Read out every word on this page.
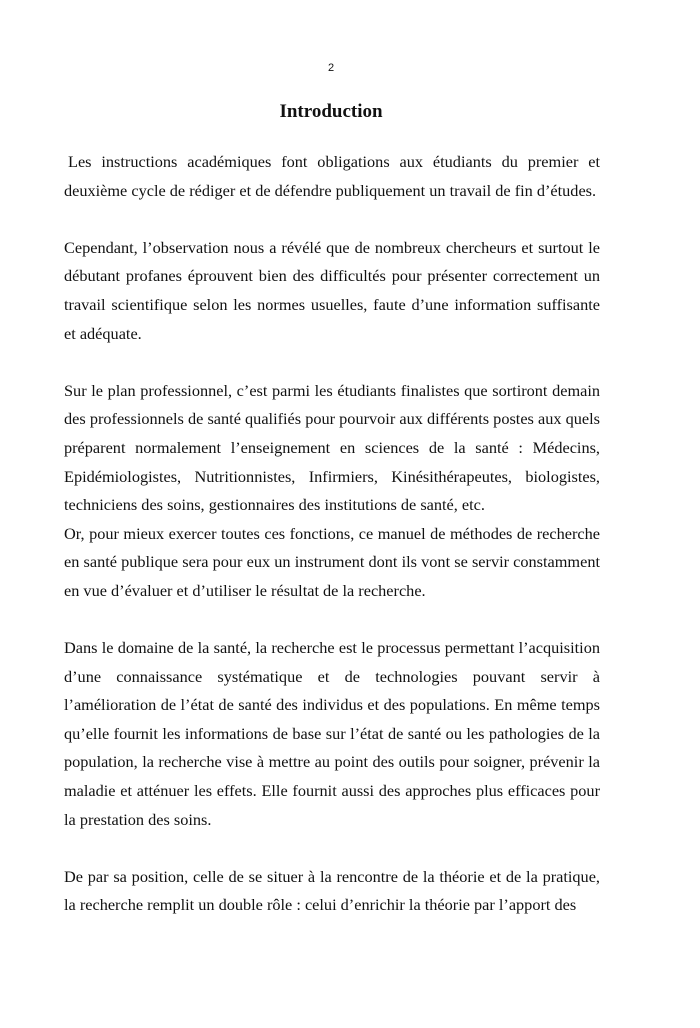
2
Introduction

Les instructions académiques font obligations aux étudiants du premier et deuxième cycle de rédiger et de défendre publiquement un travail de fin d’études.

Cependant, l’observation nous a révélé que de nombreux chercheurs et surtout le débutant profanes éprouvent bien des difficultés pour présenter correctement un travail scientifique selon les normes usuelles, faute d’une information suffisante et adéquate.

Sur le plan professionnel, c’est parmi les étudiants finalistes que sortiront demain des professionnels de santé qualifiés pour pourvoir aux différents postes aux quels préparent normalement l’enseignement en sciences de la santé : Médecins, Epidémiologistes, Nutritionnistes, Infirmiers, Kinésithérapeutes, biologistes, techniciens des soins, gestionnaires des institutions de santé, etc.

Or, pour mieux exercer toutes ces fonctions, ce manuel de méthodes de recherche en santé publique sera pour eux un instrument dont ils vont se servir constamment en vue d’évaluer et d’utiliser le résultat de la recherche.

Dans le domaine de la santé, la recherche est le processus permettant l’acquisition d’une connaissance systématique et de technologies pouvant servir à l’amélioration de l’état de santé des individus et des populations. En même temps qu’elle fournit les informations de base sur l’état de santé ou les pathologies de la population, la recherche vise à mettre au point des outils pour soigner, prévenir la maladie et atténuer les effets. Elle fournit aussi des approches plus efficaces pour la prestation des soins.

De par sa position, celle de se situer à la rencontre de la théorie et de la pratique, la recherche remplit un double rôle : celui d’enrichir la théorie par l’apport des
